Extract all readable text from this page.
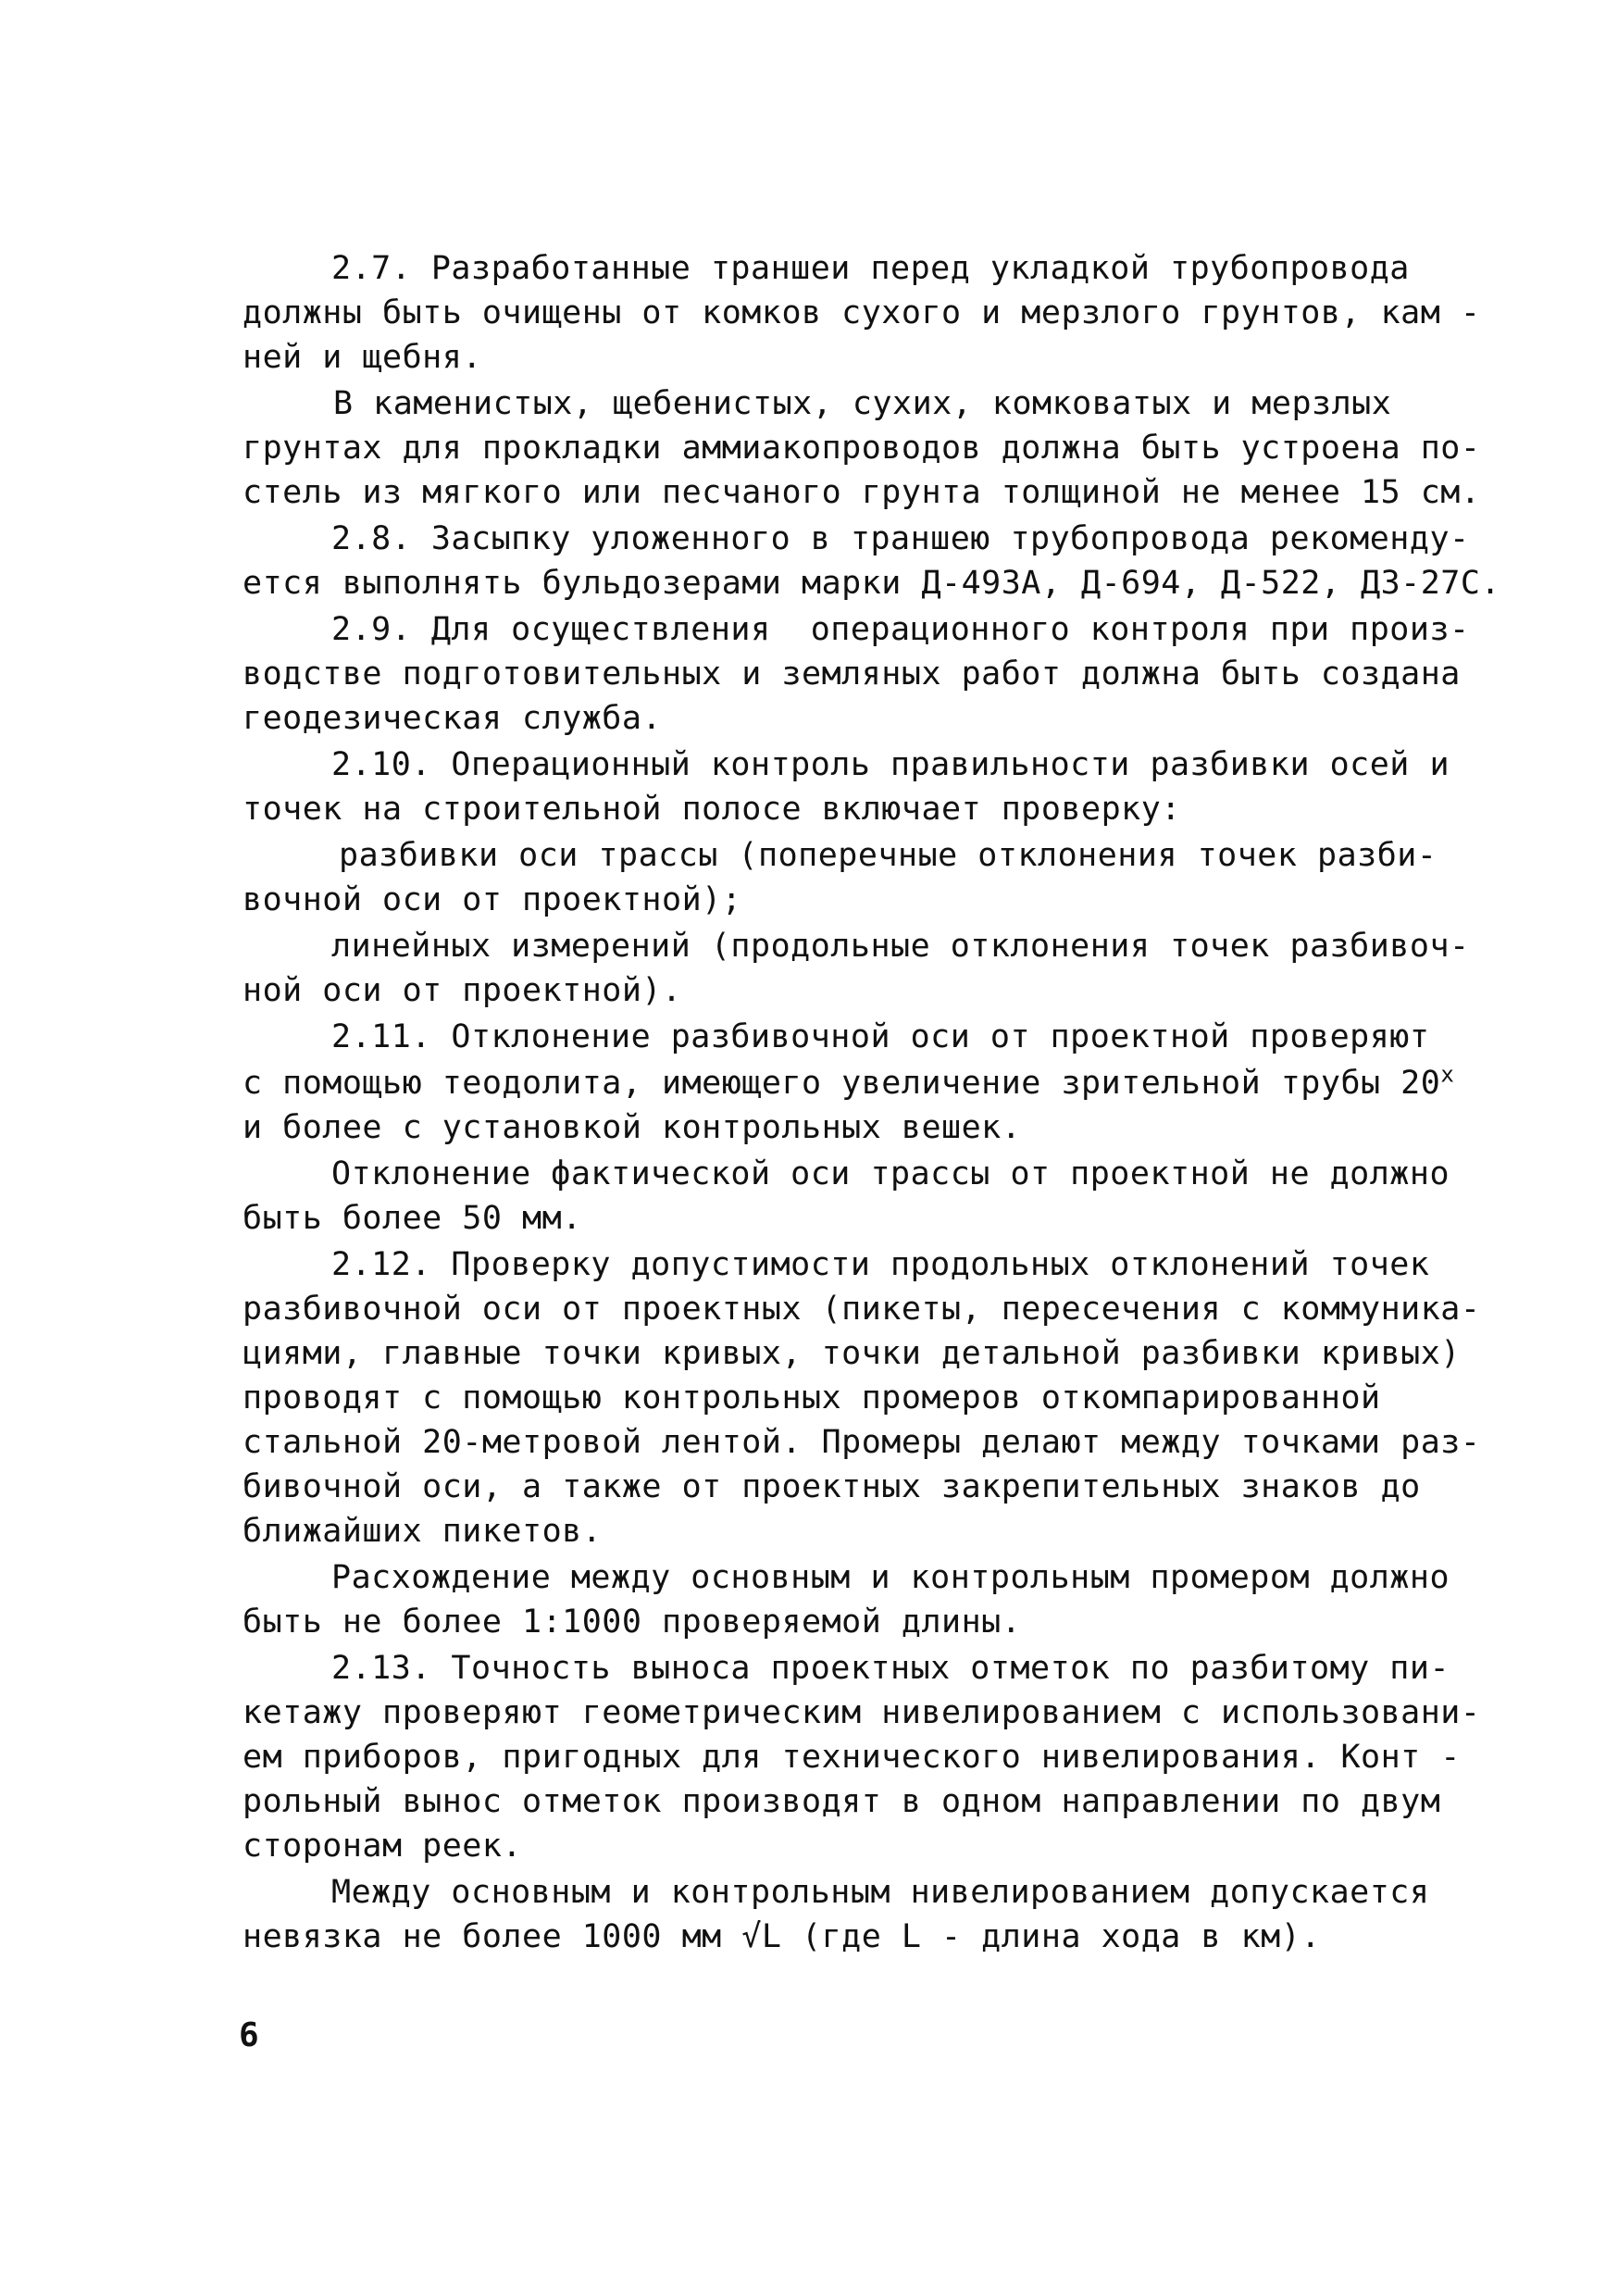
2.7. Разработанные траншеи перед укладкой трубопровода
должны быть очищены от комков сухого и мерзлого грунтов, кам -
ней и щебня.
В каменистых, щебенистых, сухих, комковатых и мерзлых
грунтах для прокладки аммиакопроводов должна быть устроена по-
стель из мягкого или песчаного грунта толщиной не менее 15 см.
2.8. Засыпку уложенного в траншею трубопровода рекоменду-
ется выполнять бульдозерами марки Д-493А, Д-694, Д-522, ДЗ-27С.
2.9. Для осуществления  операционного контроля при произ-
водстве подготовительных и земляных работ должна быть создана
геодезическая служба.
2.10. Операционный контроль правильности разбивки осей и
точек на строительной полосе включает проверку:
разбивки оси трассы (поперечные отклонения точек разби-
вочной оси от проектной);
линейных измерений (продольные отклонения точек разбивоч-
ной оси от проектной).
2.11. Отклонение разбивочной оси от проектной проверяют
с помощью теодолита, имеющего увеличение зрительной трубы 20$^x$
и более с установкой контрольных вешек.
Отклонение фактической оси трассы от проектной не должно
быть более 50 мм.
2.12. Проверку допустимости продольных отклонений точек
разбивочной оси от проектных (пикеты, пересечения с коммуника-
циями, главные точки кривых, точки детальной разбивки кривых)
проводят с помощью контрольных промеров откомпарированной
стальной 20-метровой лентой. Промеры делают между точками раз-
бивочной оси, а также от проектных закрепительных знаков до
ближайших пикетов.
Расхождение между основным и контрольным промером должно
быть не более 1:1000 проверяемой длины.
2.13. Точность выноса проектных отметок по разбитому пи-
кетажу проверяют геометрическим нивелированием с использовани-
ем приборов, пригодных для технического нивелирования. Конт -
рольный вынос отметок производят в одном направлении по двум
сторонам реек.
Между основным и контрольным нивелированием допускается
невязка не более 1000 мм √L (где L - длина хода в км).
6
